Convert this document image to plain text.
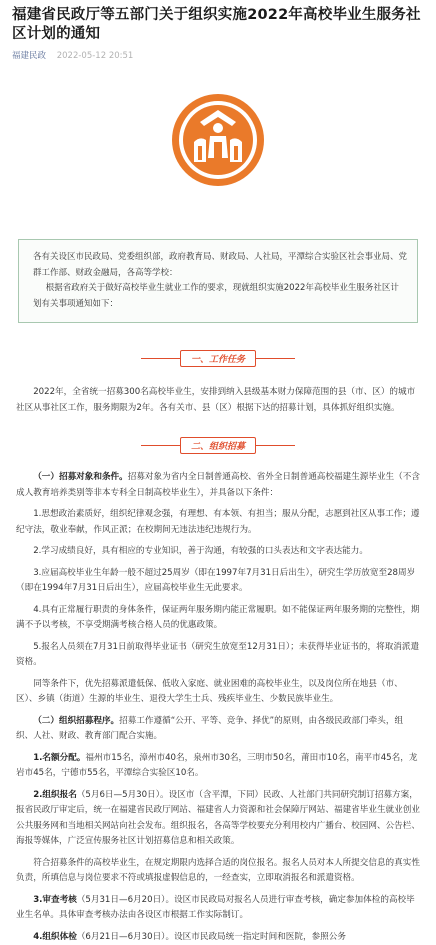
福建省民政厅等五部门关于组织实施2022年高校毕业生服务社区计划的通知
福建民政 2022-05-12 20:51

各有关设区市民政局、党委组织部，政府教育局、财政局、人社局，平潭综合实验区社会事业局、党群工作部、财政金融局，各高等学校：

根据省政府关于做好高校毕业生就业工作的要求，现就组织实施2022年高校毕业生服务社区计划有关事项通知如下：

一、工作任务

2022年，全省统一招募300名高校毕业生，安排到纳入县级基本财力保障范围的县（市、区）的城市社区从事社区工作，服务期限为2年。各有关市、县（区）根据下达的招募计划，具体抓好组织实施。

二、组织招募

（一）招募对象和条件。招募对象为省内全日制普通高校、省外全日制普通高校福建生源毕业生（不含成人教育培养类别等非本专科全日制高校毕业生），并具备以下条件：

1.思想政治素质好，组织纪律观念强，有理想、有本领、有担当；服从分配，志愿到社区从事工作；遵纪守法，敬业奉献，作风正派；在校期间无违法违纪违规行为。

2.学习成绩良好，具有相应的专业知识，善于沟通，有较强的口头表达和文字表达能力。

3.应届高校毕业生年龄一般不超过25周岁（即在1997年7月31日后出生），研究生学历放宽至28周岁（即在1994年7月31日后出生），应届高校毕业生无此要求。

4.具有正常履行职责的身体条件，保证两年服务期内能正常履职。如不能保证两年服务期的完整性，期满不予以考核，不享受期满考核合格人员的优惠政策。

5.报名人员须在7月31日前取得毕业证书（研究生放宽至12月31日）；未获得毕业证书的，将取消派遣资格。

同等条件下，优先招募派遣低保、低收入家庭、就业困难的高校毕业生，以及岗位所在地县（市、区）、乡镇（街道）生源的毕业生、退役大学生士兵、残疾毕业生、少数民族毕业生。

（二）组织招募程序。招募工作遵循“公开、平等、竞争、择优”的原则，由各级民政部门牵头，组织、人社、财政、教育部门配合实施。

1.名额分配。福州市15名，漳州市40名，泉州市30名，三明市50名，莆田市10名，南平市45名，龙岩市45名，宁德市55名，平潭综合实验区10名。

2.组织报名（5月6日—5月30日）。设区市（含平潭，下同）民政、人社部门共同研究制订招募方案，报省民政厅审定后，统一在福建省民政厅网站、福建省人力资源和社会保障厅网站、福建省毕业生就业创业公共服务网和当地相关网站向社会发布。组织报名，各高等学校要充分利用校内广播台、校园网、公告栏、海报等媒体，广泛宣传服务社区计划招募信息和相关政策。

符合招募条件的高校毕业生，在规定期限内选择合适的岗位报名。报名人员对本人所提交信息的真实性负责，所填信息与岗位要求不符或填报虚假信息的，一经查实，立即取消报名和派遣资格。

3.审查考核（5月31日—6月20日）。设区市民政局对报名人员进行审查考核，确定参加体检的高校毕业生名单。具体审查考核办法由各设区市根据工作实际制订。

4.组织体检（6月21日—6月30日）。设区市民政局统一指定时间和医院，参照公务
